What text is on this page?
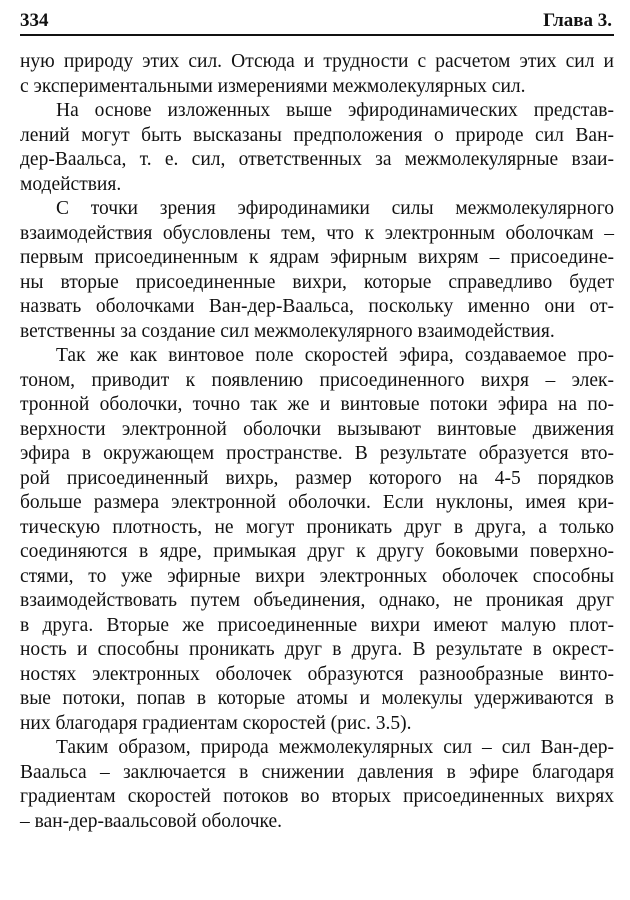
334	Глава 3.
ную природу этих сил. Отсюда и трудности с расчетом этих сил и
с экспериментальными измерениями межмолекулярных сил.
На основе изложенных выше эфиродинамических представ-
лений могут быть высказаны предположения о природе сил Ван-
дер-Ваальса, т. е. сил, ответственных за межмолекулярные взаи-
модействия.
С точки зрения эфиродинамики силы межмолекулярного
взаимодействия обусловлены тем, что к электронным оболочкам –
первым присоединенным к ядрам эфирным вихрям – присоедине-
ны вторые присоединенные вихри, которые справедливо будет
назвать оболочками Ван-дер-Ваальса, поскольку именно они от-
ветственны за создание сил межмолекулярного взаимодействия.
Так же как винтовое поле скоростей эфира, создаваемое про-
тоном, приводит к появлению присоединенного вихря – элек-
тронной оболочки, точно так же и винтовые потоки эфира на по-
верхности электронной оболочки вызывают винтовые движения
эфира в окружающем пространстве. В результате образуется вто-
рой присоединенный вихрь, размер которого на 4-5 порядков
больше размера электронной оболочки. Если нуклоны, имея кри-
тическую плотность, не могут проникать друг в друга, а только
соединяются в ядре, примыкая друг к другу боковыми поверхно-
стями, то уже эфирные вихри электронных оболочек способны
взаимодействовать путем объединения, однако, не проникая друг
в друга. Вторые же присоединенные вихри имеют малую плот-
ность и способны проникать друг в друга. В результате в окрест-
ностях электронных оболочек образуются разнообразные винто-
вые потоки, попав в которые атомы и молекулы удерживаются в
них благодаря градиентам скоростей (рис. 3.5).
Таким образом, природа межмолекулярных сил – сил Ван-дер-
Ваальса – заключается в снижении давления в эфире благодаря
градиентам скоростей потоков во вторых присоединенных вихрях
– ван-дер-ваальсовой оболочке.
